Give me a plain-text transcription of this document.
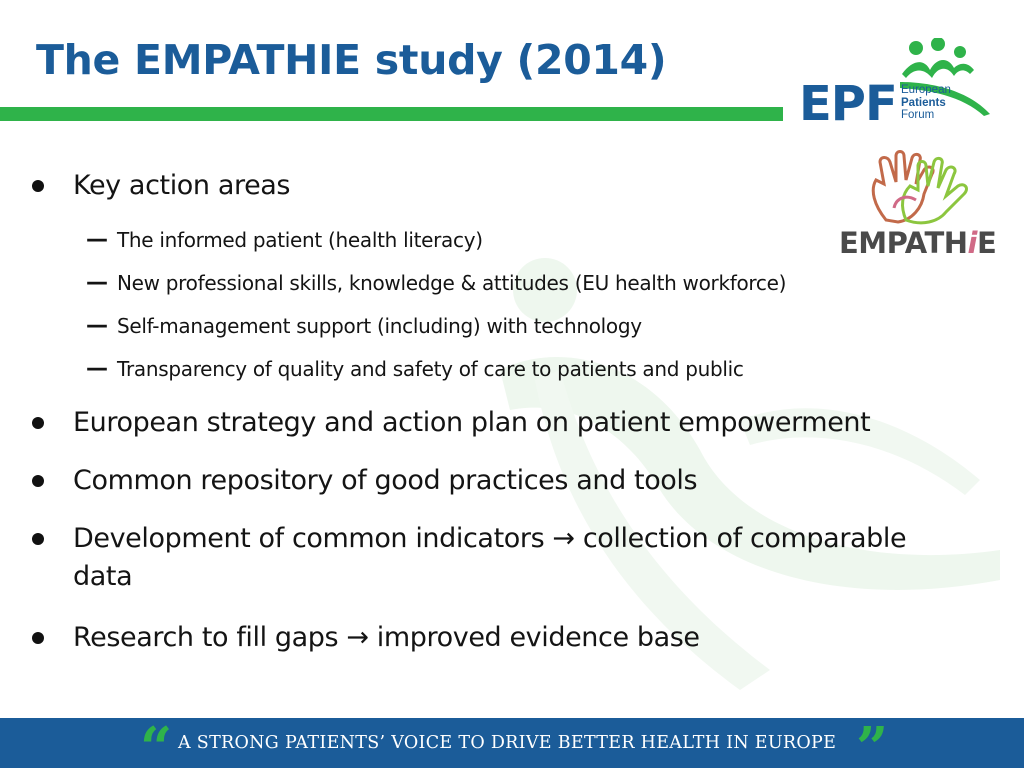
The EMPATHIE study (2014)
EPF European
Patients
Forum
EMPATHiE
Key action areas
— The informed patient (health literacy)
— New professional skills, knowledge & attitudes (EU health workforce)
— Self-management support (including) with technology
— Transparency of quality and safety of care to patients and public
European strategy and action plan on patient empowerment
Common repository of good practices and tools
Development of common indicators → collection of comparable data
Research to fill gaps → improved evidence base
“ A STRONG PATIENTS’ VOICE TO DRIVE BETTER HEALTH IN EUROPE ”
